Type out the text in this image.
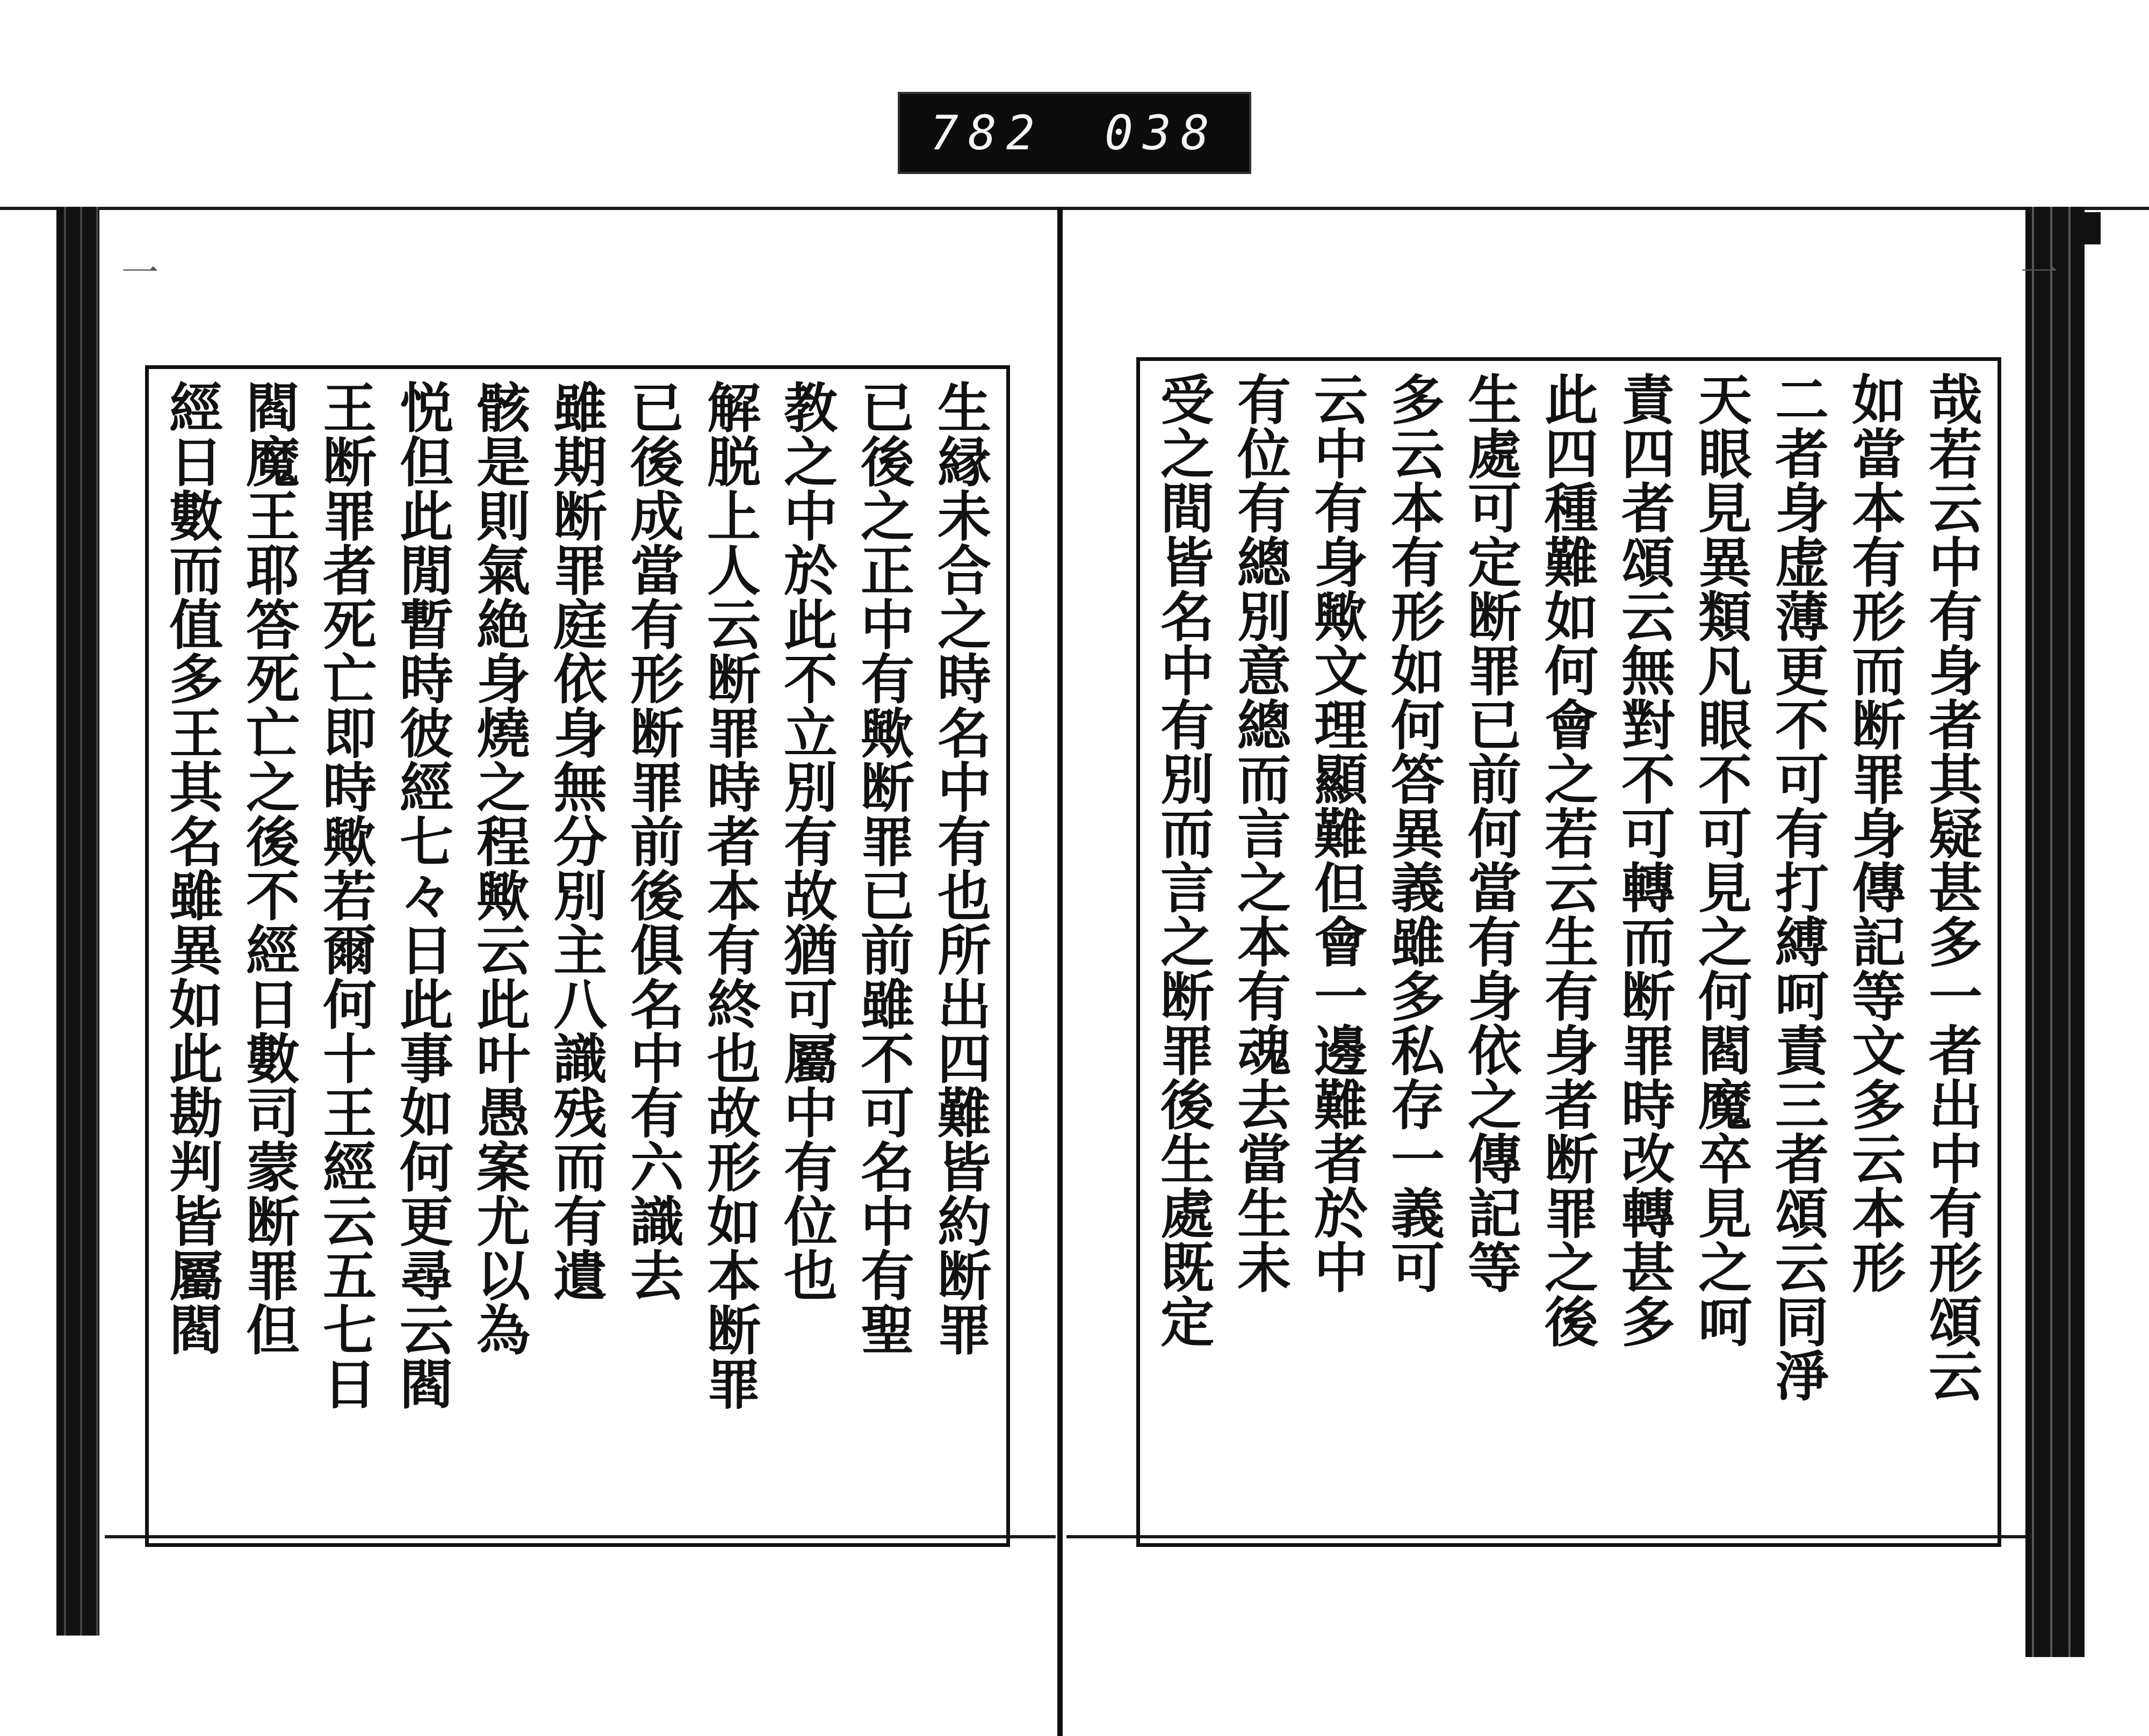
782 038
一	一
生縁未合之時名中有也所出四難皆約断罪
已後之正中有歟断罪已前雖不可名中有聖
教之中於此不立別有故猶可屬中有位也
解脱上人云断罪時者本有終也故形如本断罪
已後成當有形断罪前後俱名中有六識去
雖期断罪庭依身無分別主八識残而有遺
骸是則氣絶身燒之程歟云此叶愚案尤以為
悦但此閒暫時彼經七々日此事如何更尋云閻
王断罪者死亡即時歟若爾何十王經云五七日
閻魔王耶答死亡之後不經日數司蒙断罪但
經日數而值多王其名雖異如此勘判皆屬閻	哉若云中有身者其疑甚多一者出中有形頌云
如當本有形而断罪身傳記等文多云本形
二者身虚薄更不可有打縛呵責三者頌云同淨
天眼見異類凡眼不可見之何閻魔卒見之呵
責四者頌云無對不可轉而断罪時改轉甚多
此四種難如何會之若云生有身者断罪之後
生處可定断罪已前何當有身依之傳記等
多云本有形如何答異義雖多私存一義可
云中有身歟文理顯難但會一邊難者於中
有位有總別意總而言之本有魂去當生未
受之間皆名中有別而言之断罪後生處既定
